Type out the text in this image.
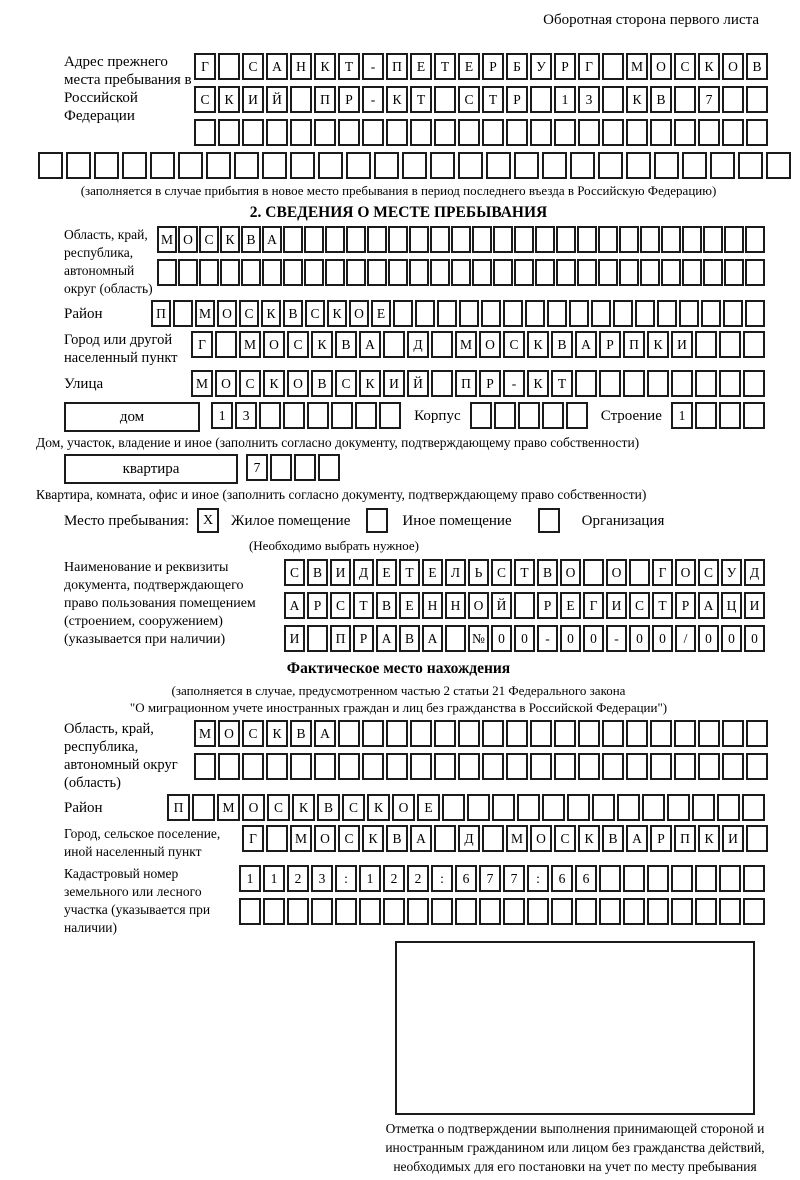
Оборотная сторона первого листа
Адрес прежнего места пребывания в Российской Федерации
Г	С	А	Н	К	Т	-	П	Е	Т	Е	Р	Б	У	Р	Г	М О	С	К	О	В
С	К	И	Й	П	Р	-	К	Т	С	Т	Р	1	3	К	В	7
(заполняется в случае прибытия в новое место пребывания в период последнего въезда в Российскую Федерацию)
2. СВЕДЕНИЯ О МЕСТЕ ПРЕБЫВАНИЯ
Область, край, республика, автономный округ (область)
М О С К В А
Район	П	М О С К В С К О Е
Город или другой населенный пункт
Г	М О	С	К	В	А	Д	М О	С	К	В	А	Р	П	К	И
Улица	М О	С	К	О	В	С	К	И	Й	П	Р	-	К	Т
дом	1	3	Корпус	Строение	1
Дом, участок, владение и иное (заполнить согласно документу, подтверждающему право собственности)
квартира	7
Квартира, комната, офис и иное (заполнить согласно документу, подтверждающему право собственности)
Место пребывания: X	Жилое помещение	Иное помещение	Организация
(Необходимо выбрать нужное)
Наименование и реквизиты документа, подтверждающего право пользования помещением (строением, сооружением) (указывается при наличии)
С	В	И	Д	Е	Т	Е	Л	Ь	С	Т	В	О	О	Г	О	С	У	Д
А	Р	С	Т	В	Е	Н Н О Й	Р	Е	Г	И	С	Т	Р	А Ц И
И	П	Р	А	В	А	№ 0	0	-	0	0	-	0	0	/	0	0	0
Фактическое место нахождения
(заполняется в случае, предусмотренном частью 2 статьи 21 Федерального закона
"О миграционном учете иностранных граждан и лиц без гражданства в Российской Федерации")
Область, край, республика, автономный округ (область)
М О	С	К	В	А
Район	П	М	О	С	К	В	С	К	О	Е
Город, сельское поселение, иной населенный пункт
Г	М О	С	К	В	А	Д	М О	С	К	В	А	Р	П	К	И
Кадастровый номер земельного или лесного участка (указывается при наличии)
1	1	2	3	:	1	2	2	:	6	7	7	:	6	6
Отметка о подтверждении выполнения принимающей стороной и иностранным гражданином или лицом без гражданства действий, необходимых для его постановки на учет по месту пребывания
